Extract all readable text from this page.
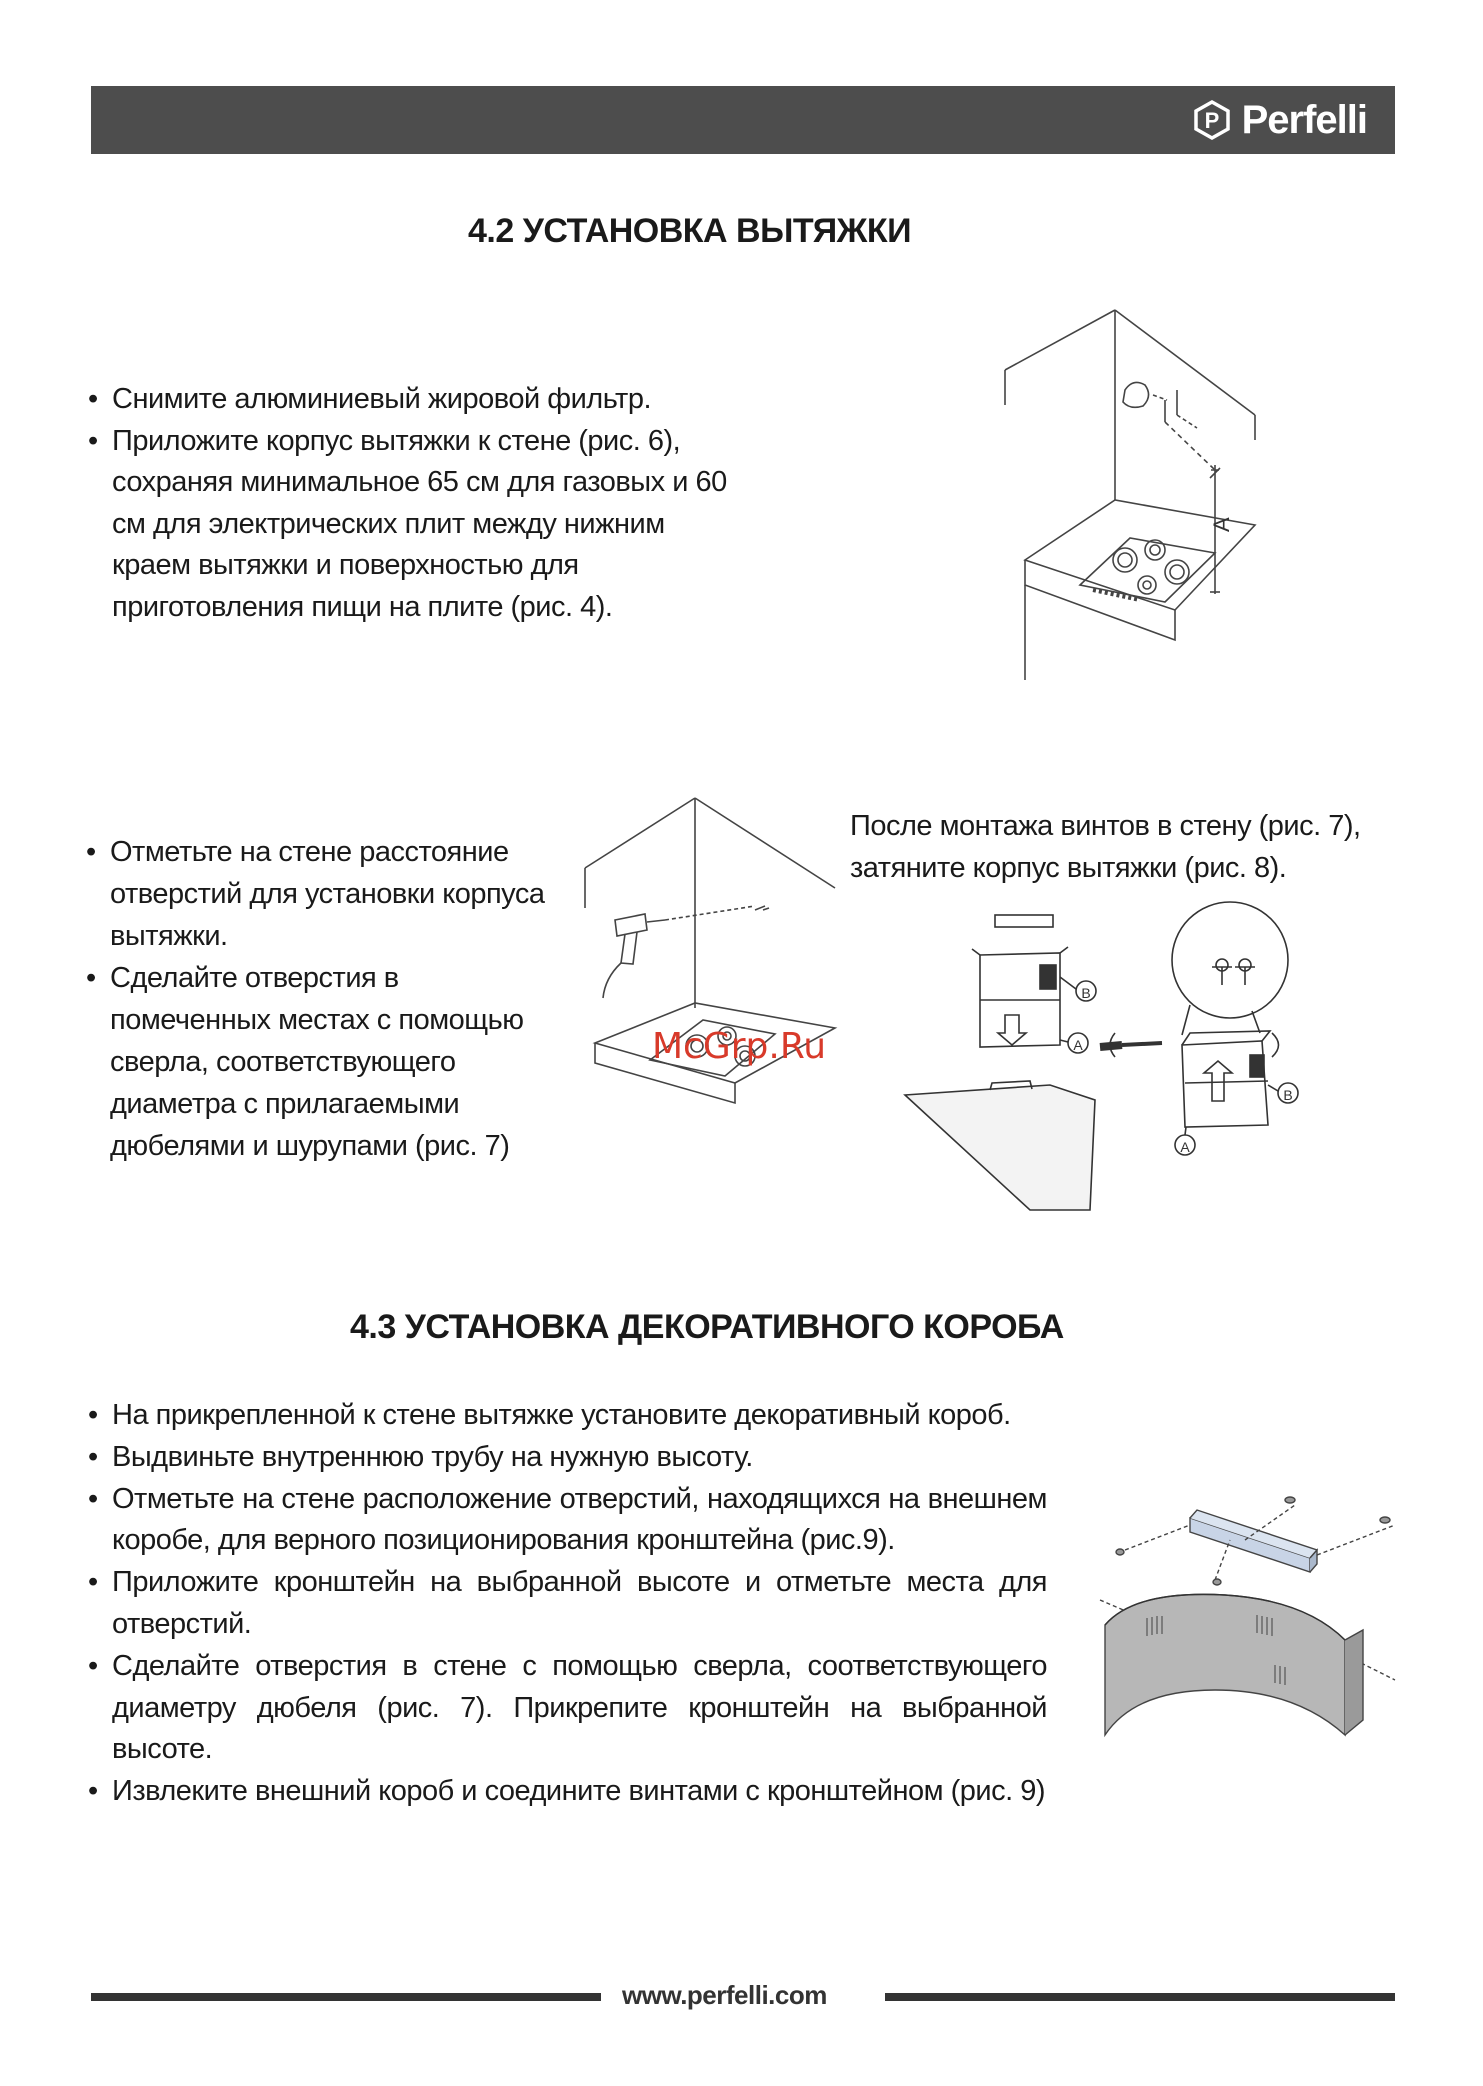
P Perfelli
4.2 УСТАНОВКА ВЫТЯЖКИ
• Снимите алюминиевый жировой фильтр.
• Приложите корпус вытяжки к стене (рис. 6), сохраняя минимальное 65 см для газовых и 60 см для электрических плит между нижним краем вытяжки и поверхностью для приготовления пищи на плите (рис. 4).
A
• Отметьте на стене расстояние отверстий для установки корпуса вытяжки.
• Сделайте отверстия в помеченных местах с помощью сверла, соответствующего диаметра с прилагаемыми дюбелями и шурупами (рис. 7)
После монтажа винтов в стену (рис. 7), затяните корпус вытяжки (рис. 8).
B
A
B
A
McGrp.Ru
4.3 УСТАНОВКА ДЕКОРАТИВНОГО КОРОБА
• На прикрепленной к стене вытяжке установите декоративный короб.
• Выдвиньте внутреннюю трубу на нужную высоту.
• Отметьте на стене расположение отверстий, находящихся на внешнем коробе, для верного позиционирования кронштейна (рис.9).
• Приложите кронштейн на выбранной высоте и отметьте места для отверстий.
• Сделайте отверстия в стене с помощью сверла, соответствующего диаметру дюбеля (рис. 7). Прикрепите кронштейн на выбранной высоте.
• Извлеките внешний короб и соедините винтами с кронштейном (рис. 9)
www.perfelli.com
